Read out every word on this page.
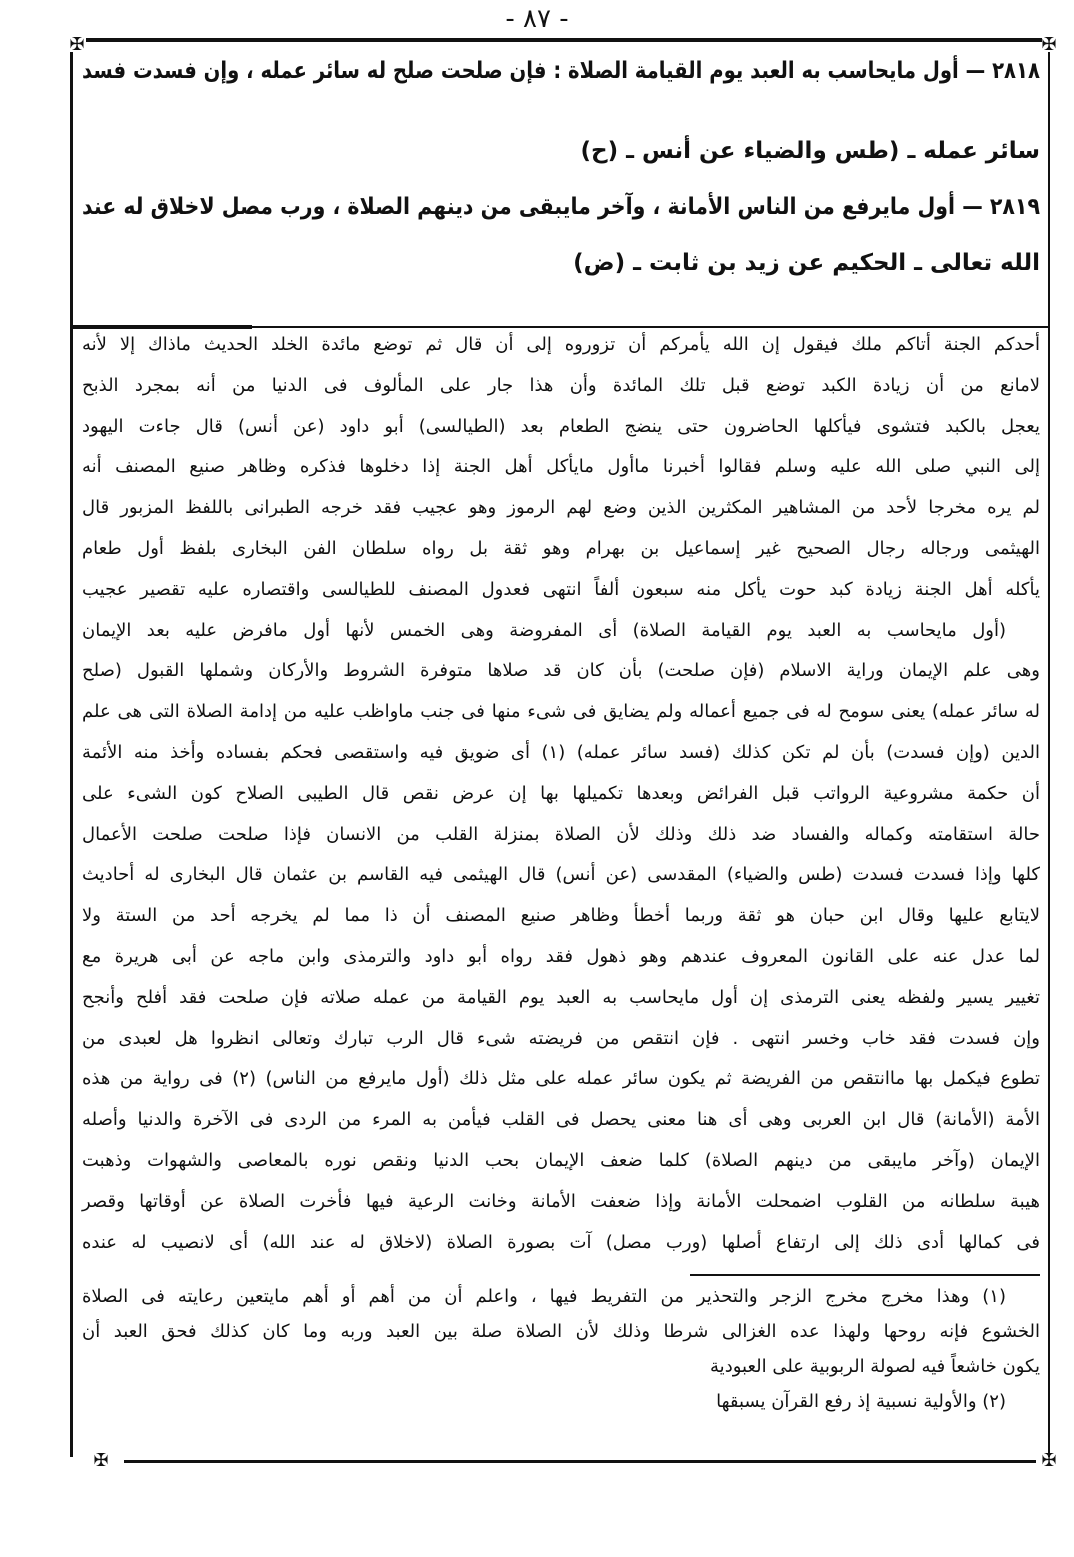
- ٨٧ -
✠	✠
✠	✠
٢٨١٨ — أول مايحاسب به العبد يوم القيامة الصلاة : فإن صلحت صلح له سائر عمله ، وإن فسدت فسد
سائر عمله ـ (طس والضياء عن أنس ـ (ح)
٢٨١٩ — أول مايرفع من الناس الأمانة ، وآخر مايبقى من دينهم الصلاة ، ورب مصل لاخلاق له عند
الله تعالى ـ الحكيم عن زيد بن ثابت ـ (ض)
أحدكم الجنة أتاكم ملك فيقول إن الله يأمركم أن تزوروه إلى أن قال ثم توضع مائدة الخلد الحديث ماذاك إلا لأنه
لامانع من أن زيادة الكبد توضع قبل تلك المائدة وأن هذا جار على المألوف فى الدنيا من أنه بمجرد الذبح
يعجل بالكبد فتشوى فيأكلها الحاضرون حتى ينضج الطعام بعد (الطيالسى) أبو داود (عن أنس) قال جاءت اليهود
إلى النبي صلى الله عليه وسلم فقالوا أخبرنا ماأول مايأكل أهل الجنة إذا دخلوها فذكره وظاهر صنيع المصنف أنه
لم يره مخرجا لأحد من المشاهير المكثرين الذين وضع لهم الرموز وهو عجيب فقد خرجه الطبرانى باللفظ المزبور قال
الهيثمى ورجاله رجال الصحيح غير إسماعيل بن بهرام وهو ثقة بل رواه سلطان الفن البخارى بلفظ أول طعام
يأكله أهل الجنة زيادة كبد حوت يأكل منه سبعون ألفاً انتهى فعدول المصنف للطيالسى واقتصاره عليه تقصير عجيب
(أول مايحاسب به العبد يوم القيامة الصلاة) أى المفروضة وهى الخمس لأنها أول مافرض عليه بعد الإيمان
وهى علم الإيمان وراية الاسلام (فإن صلحت) بأن كان قد صلاها متوفرة الشروط والأركان وشملها القبول (صلح
له سائر عمله) يعنى سومح له فى جميع أعماله ولم يضايق فى شىء منها فى جنب ماواظب عليه من إدامة الصلاة التى هى علم
الدين (وإن فسدت) بأن لم تكن كذلك (فسد سائر عمله) (١) أى ضويق فيه واستقصى فحكم بفساده وأخذ منه الأئمة
أن حكمة مشروعية الرواتب قبل الفرائض وبعدها تكميلها بها إن عرض نقص قال الطيبى الصلاح كون الشىء على
حالة استقامته وكماله والفساد ضد ذلك وذلك لأن الصلاة بمنزلة القلب من الانسان فإذا صلحت صلحت الأعمال
كلها وإذا فسدت فسدت (طس والضياء) المقدسى (عن أنس) قال الهيثمى فيه القاسم بن عثمان قال البخارى له أحاديث
لايتابع عليها وقال ابن حبان هو ثقة وربما أخطأ وظاهر صنيع المصنف أن ذا مما لم يخرجه أحد من الستة ولا
لما عدل عنه على القانون المعروف عندهم وهو ذهول فقد رواه أبو داود والترمذى وابن ماجه عن أبى هريرة مع
تغيير يسير ولفظه يعنى الترمذى إن أول مايحاسب به العبد يوم القيامة من عمله صلاته فإن صلحت فقد أفلح وأنجح
وإن فسدت فقد خاب وخسر انتهى . فإن انتقص من فريضته شىء قال الرب تبارك وتعالى انظروا هل لعبدى من
تطوع فيكمل بها ماانتقص من الفريضة ثم يكون سائر عمله على مثل ذلك (أول مايرفع من الناس) (٢) فى رواية من هذه
الأمة (الأمانة) قال ابن العربى وهى أى هنا معنى يحصل فى القلب فيأمن به المرء من الردى فى الآخرة والدنيا وأصله
الإيمان (وآخر مايبقى من دينهم الصلاة) كلما ضعف الإيمان بحب الدنيا ونقص نوره بالمعاصى والشهوات وذهبت
هيبة سلطانه من القلوب اضمحلت الأمانة وإذا ضعفت الأمانة وخانت الرعية فيها فأخرت الصلاة عن أوقاتها وقصر
فى كمالها أدى ذلك إلى ارتفاع أصلها (ورب مصل) آت بصورة الصلاة (لاخلاق له عند الله) أى لانصيب له عنده
(١) وهذا مخرج مخرج الزجر والتحذير من التفريط فيها ، واعلم أن من أهم أو أهم مايتعين رعايته فى الصلاة
الخشوع فإنه روحها ولهذا عده الغزالى شرطا وذلك لأن الصلاة صلة بين العبد وربه وما كان كذلك فحق العبد أن
يكون خاشعاً فيه لصولة الربوبية على العبودية
(٢) والأولية نسبية إذ رفع القرآن يسبقها
